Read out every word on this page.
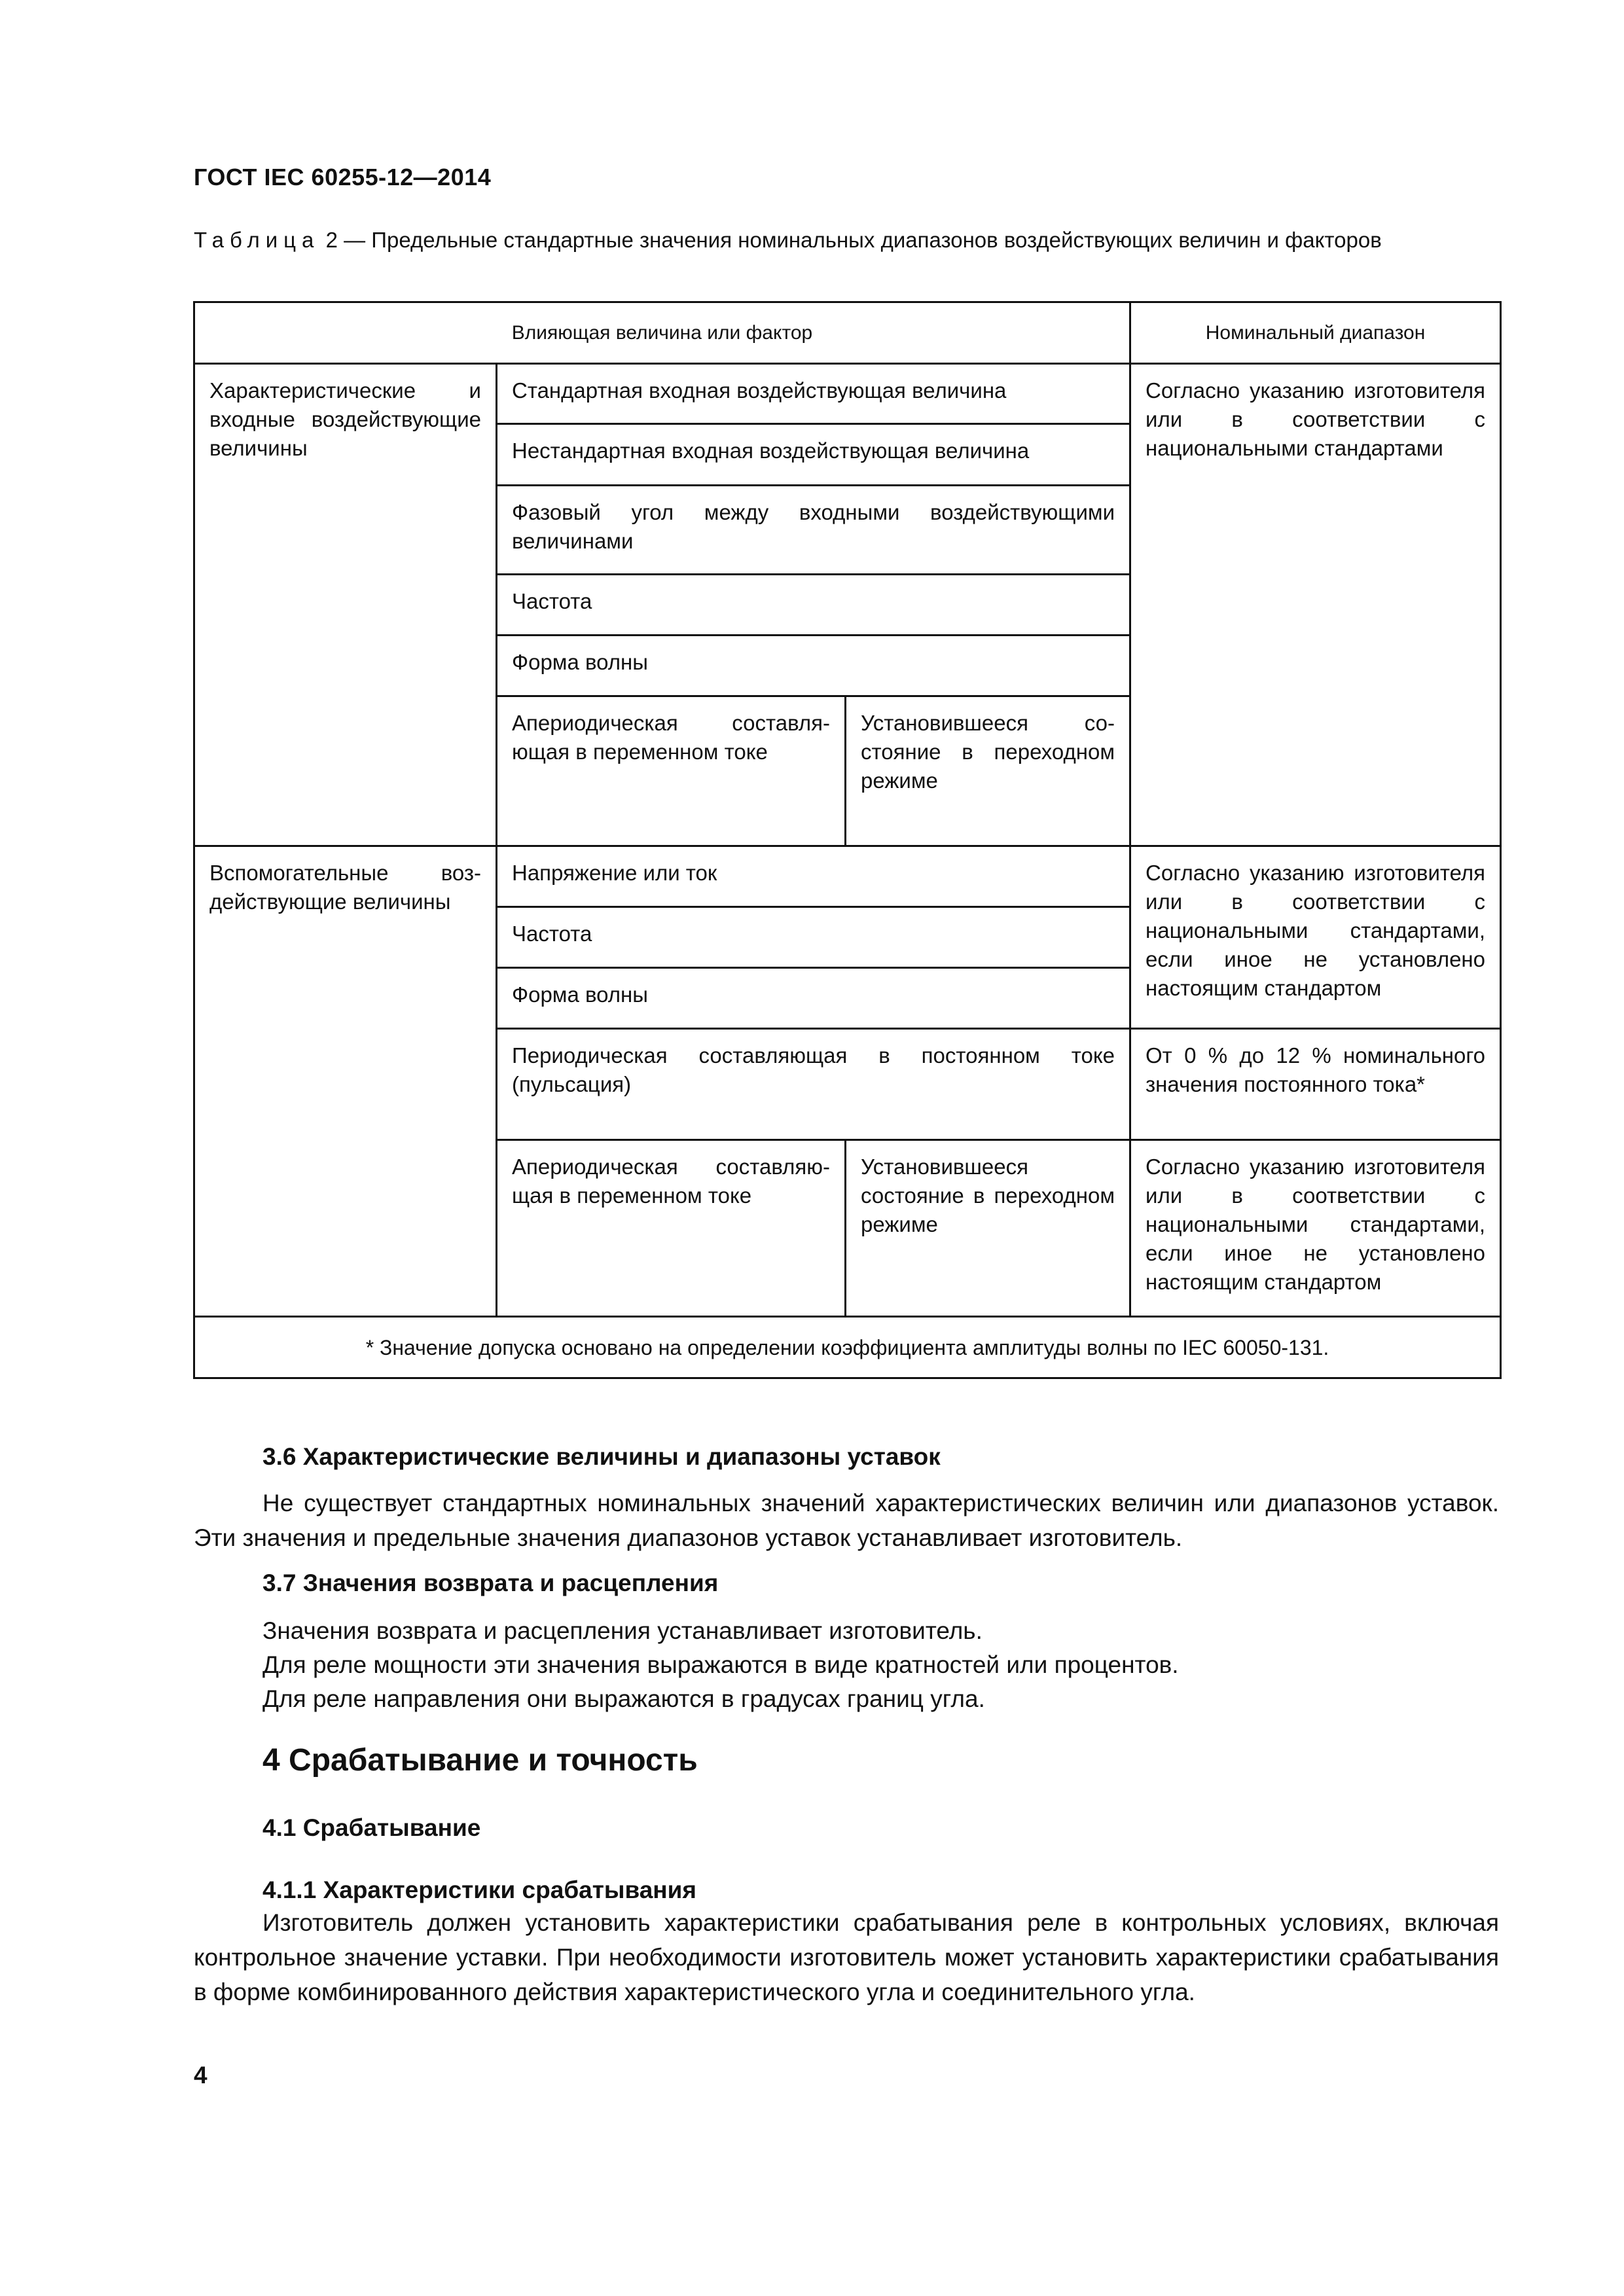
ГОСТ IEC 60255-12—2014
Таблица 2 — Предельные стандартные значения номинальных диапазонов воздействующих величин и факторов
Влияющая величина или фактор			Номинальный диапазон
Характеристические и входные воздействующие величины	Стандартная входная воздействующая величина		Согласно указанию изготовителя или в соответствии с национальными стандартами
	Нестандартная входная воздействующая величина		
	Фазовый угол между входными воздействующими величинами		
	Частота		
	Форма волны		
	Апериодическая составляющая в переменном токе	Установившееся состояние в переходном режиме	
Вспомогательные воздействующие величины	Напряжение или ток		Согласно указанию изготовителя или в соответствии с национальными стандартами, если иное не установлено настоящим стандартом
	Частота		
	Форма волны		
	Периодическая составляющая в постоянном токе (пульсация)		От 0 % до 12 % номинального значения постоянного тока*
	Апериодическая составляющая в переменном токе	Установившееся состояние в переходном режиме	Согласно указанию изготовителя или в соответствии с национальными стандартами, если иное не установлено настоящим стандартом
* Значение допуска основано на определении коэффициента амплитуды волны по IEC 60050-131.			
3.6 Характеристические величины и диапазоны уставок
Не существует стандартных номинальных значений характеристических величин или диапазонов уставок. Эти значения и предельные значения диапазонов уставок устанавливает изготовитель.
3.7 Значения возврата и расцепления
Значения возврата и расцепления устанавливает изготовитель.
Для реле мощности эти значения выражаются в виде кратностей или процентов.
Для реле направления они выражаются в градусах границ угла.
4 Срабатывание и точность
4.1 Срабатывание
4.1.1 Характеристики срабатывания
Изготовитель должен установить характеристики срабатывания реле в контрольных условиях, включая контрольное значение уставки. При необходимости изготовитель может установить характеристики срабатывания в форме комбинированного действия характеристического угла и соединительного угла.
4
